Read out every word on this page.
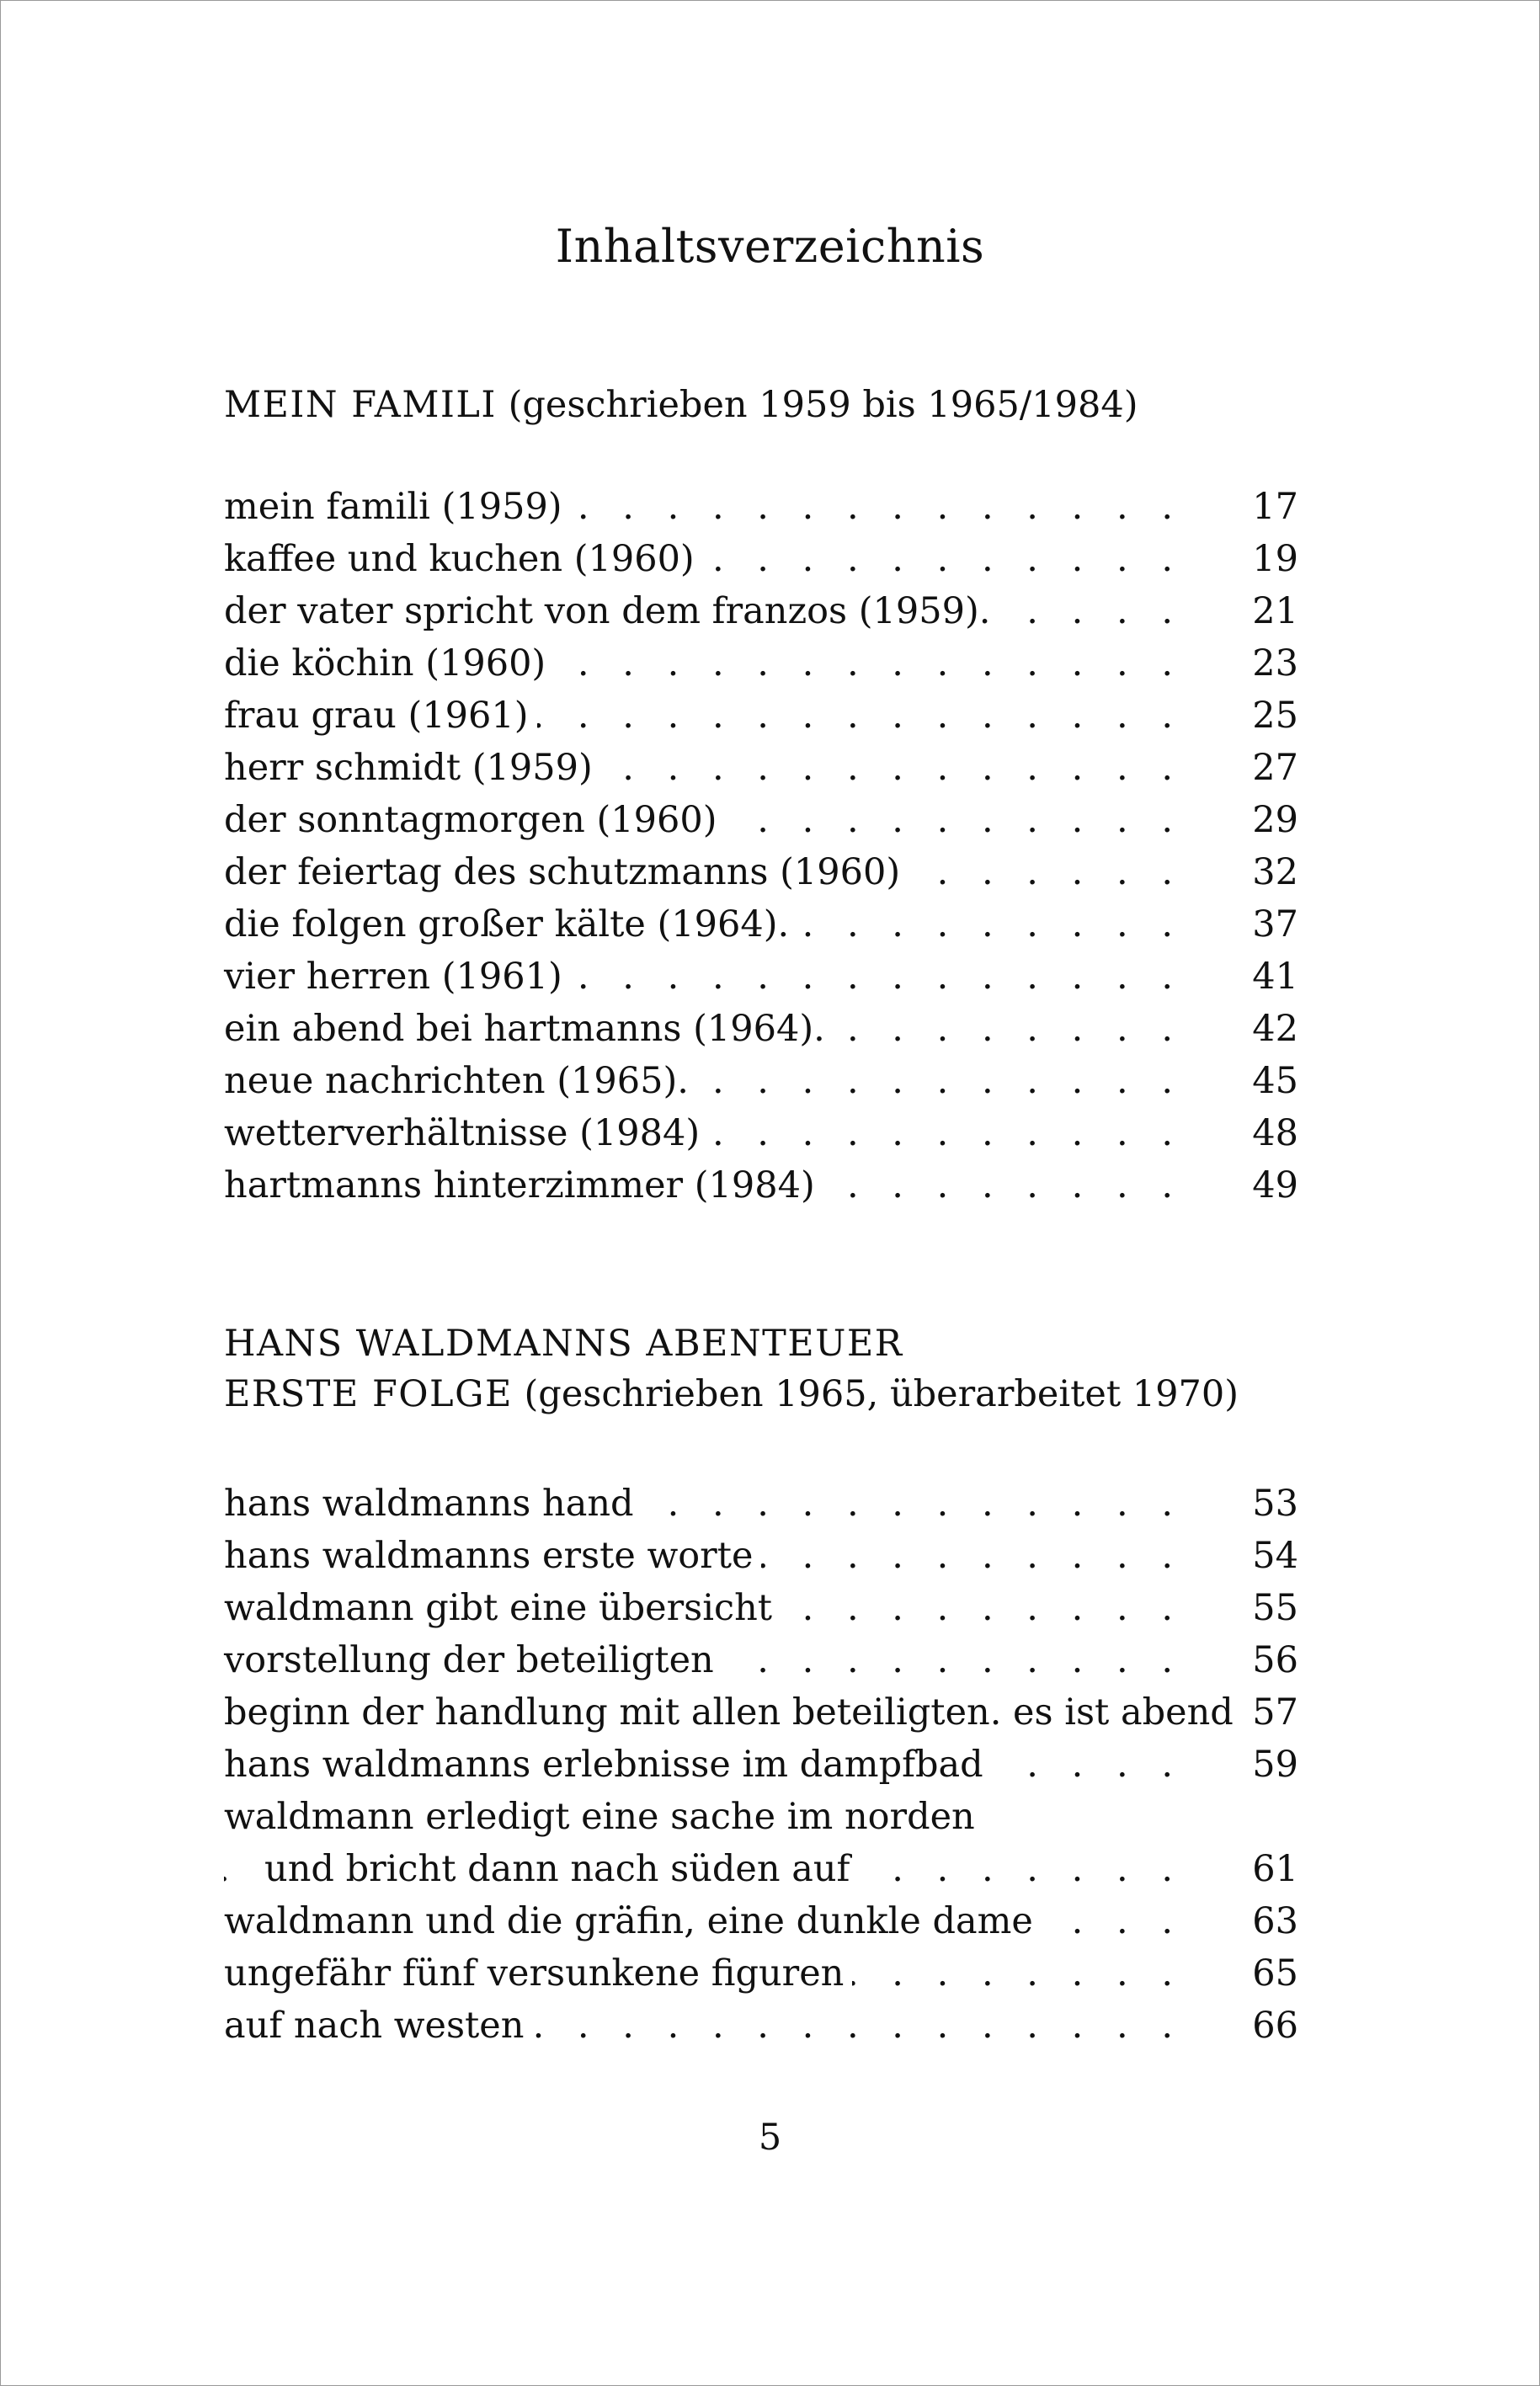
Inhaltsverzeichnis
MEIN FAMILI (geschrieben 1959 bis 1965/1984)
. . .
mein famili (1959)	17
. . .
kaffee und kuchen (1960)	19
. . .
der vater spricht von dem franzos (1959).	21
. . .
die köchin (1960)	23
. . .
frau grau (1961)	25
. . .
herr schmidt (1959)	27
. . .
der sonntagmorgen (1960)	29
. . .
der feiertag des schutzmanns (1960)	32
. . .
die folgen großer kälte (1964).	37
. . .
vier herren (1961)	41
. . .
ein abend bei hartmanns (1964).	42
. . .
neue nachrichten (1965).	45
. . .
wetterverhältnisse (1984)	48
. . .
hartmanns hinterzimmer (1984)	49
HANS WALDMANNS ABENTEUER
ERSTE FOLGE (geschrieben 1965, überarbeitet 1970)
. . .
hans waldmanns hand	53
. . .
hans waldmanns erste worte	54
. . .
waldmann gibt eine übersicht	55
. . .
vorstellung der beteiligten	56
. . .
beginn der handlung mit allen beteiligten. es ist abend 57
. . .
hans waldmanns erlebnisse im dampfbad	59
waldmann erledigt eine sache im norden
. . .
und bricht dann nach süden auf	61
. . .
waldmann und die gräfin, eine dunkle dame	63
. . .
ungefähr fünf versunkene figuren	65
. . .
auf nach westen	66
5
